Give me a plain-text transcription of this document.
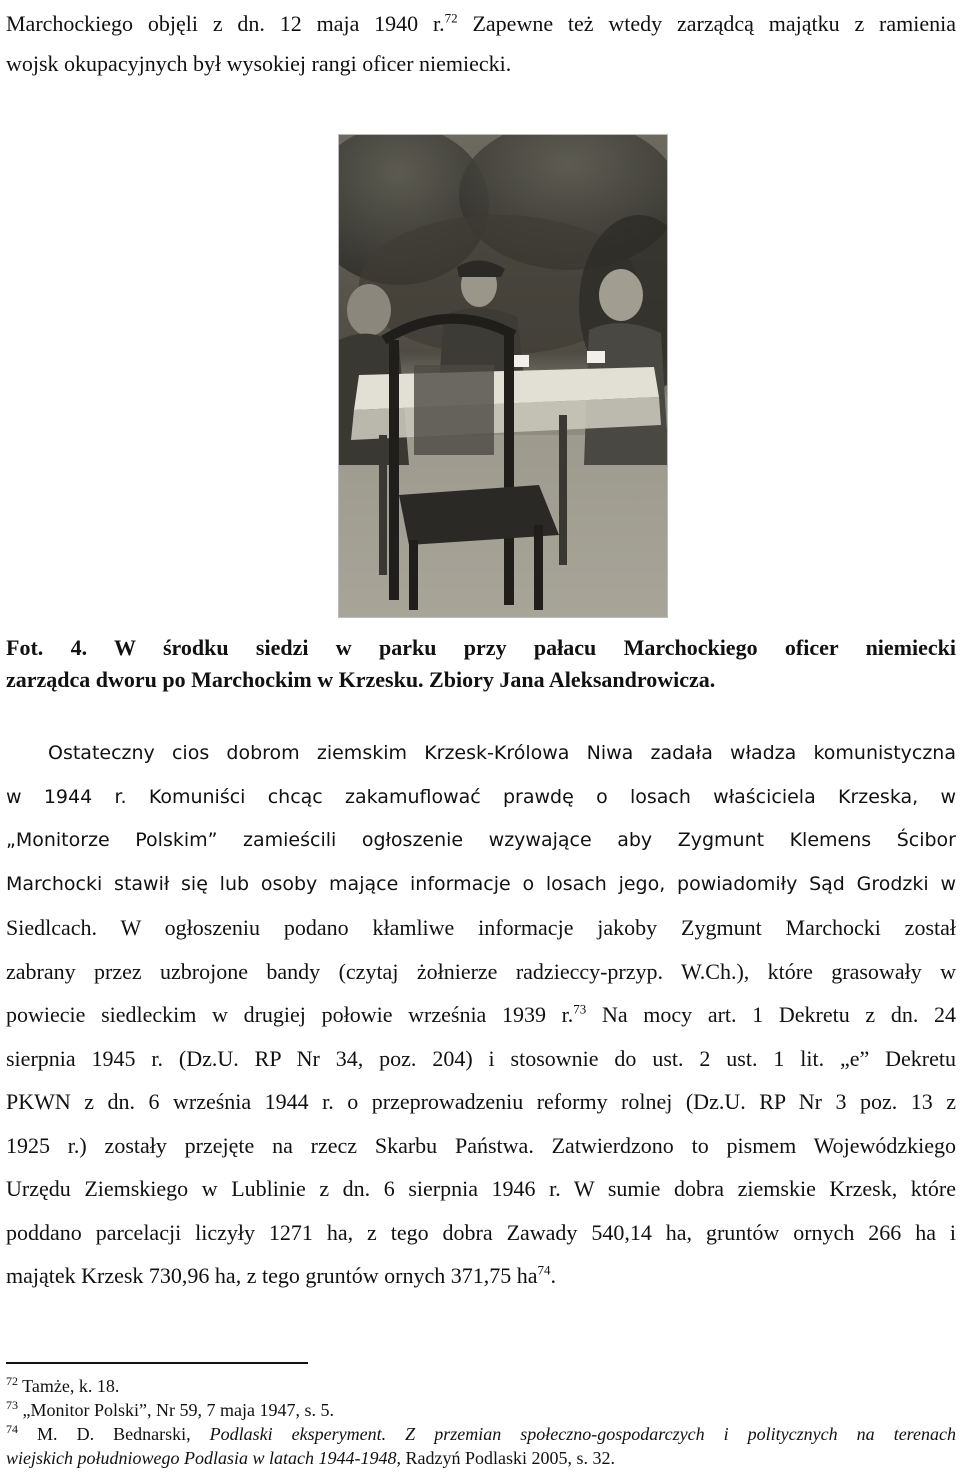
Marchockiego objęli z dn. 12 maja 1940 r.$^{72}$ Zapewne też wtedy zarządcą majątku z ramienia

wojsk okupacyjnych był wysokiej rangi oficer niemiecki.

Fot. 4. W środku siedzi w parku przy pałacu Marchockiego oficer niemiecki

zarządca dworu po Marchockim w Krzesku. Zbiory Jana Aleksandrowicza.

Ostateczny cios dobrom ziemskim Krzesk-Królowa Niwa zadała władza komunistyczna
w 1944 r. Komuniści chcąc zakamuflować prawdę o losach właściciela Krzeska, w
„Monitorze Polskim” zamieścili ogłoszenie wzywające aby Zygmunt Klemens Ścibor
Marchocki stawił się lub osoby mające informacje o losach jego, powiadomiły Sąd Grodzki w
Siedlcach. W ogłoszeniu podano kłamliwe informacje jakoby Zygmunt Marchocki został
zabrany przez uzbrojone bandy (czytaj żołnierze radzieccy-przyp. W.Ch.), które grasowały w
powiecie siedleckim w drugiej połowie września 1939 r.$^{73}$ Na mocy art. 1 Dekretu z dn. 24
sierpnia 1945 r. (Dz.U. RP Nr 34, poz. 204) i stosownie do ust. 2 ust. 1 lit. „e” Dekretu
PKWN z dn. 6 września 1944 r. o przeprowadzeniu reformy rolnej (Dz.U. RP Nr 3 poz. 13 z
1925 r.) zostały przejęte na rzecz Skarbu Państwa. Zatwierdzono to pismem Wojewódzkiego
Urzędu Ziemskiego w Lublinie z dn. 6 sierpnia 1946 r. W sumie dobra ziemskie Krzesk, które
poddano parcelacji liczyły 1271 ha, z tego dobra Zawady 540,14 ha, gruntów ornych 266 ha i
majątek Krzesk 730,96 ha, z tego gruntów ornych 371,75 $ha^{74}$.
$^{72}$ Tamże, k. 18.
$^{73}$ „Monitor Polski”, Nr 59, 7 maja 1947, s. 5.
$^{74}$ M. D. Bednarski, Podlaski eksperyment. Z przemian społeczno-gospodarczych i politycznych na terenach
wiejskich południowego Podlasia w latach 1944-1948, Radzyń Podlaski 2005, s. 32.
